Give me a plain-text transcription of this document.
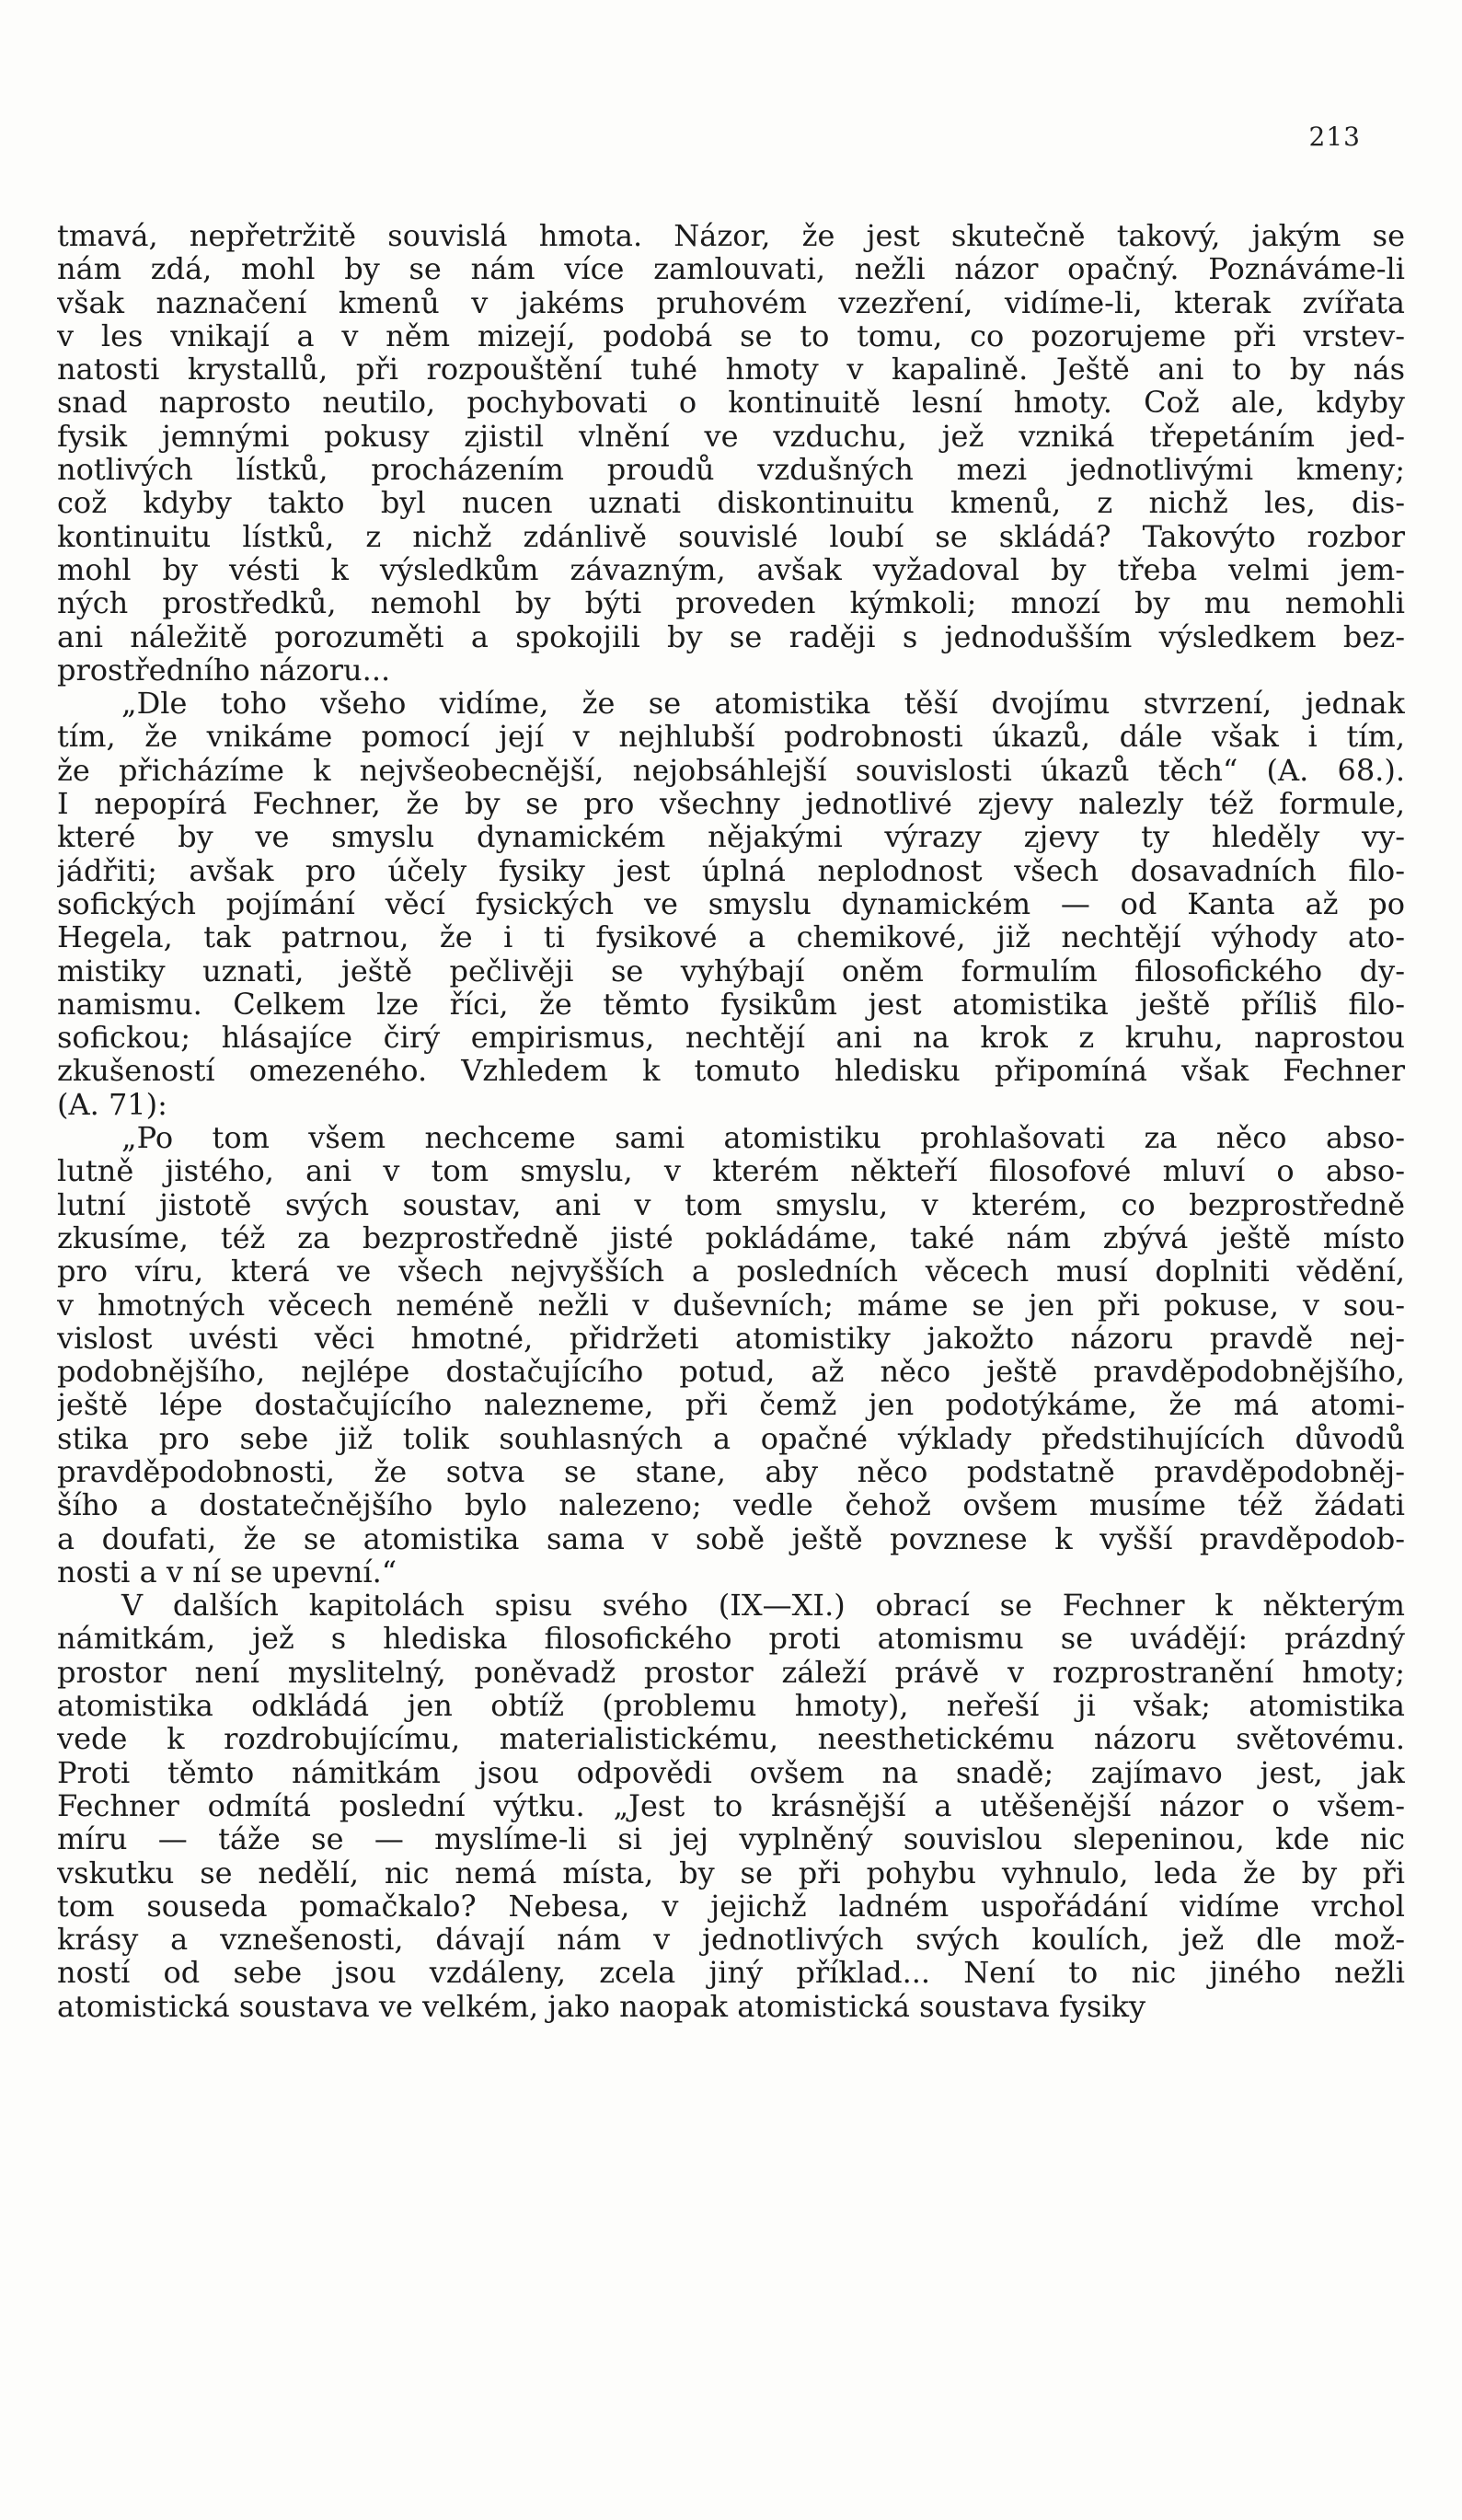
213
tmavá, nepřetržitě souvislá hmota. Názor, že jest skutečně takový, jakým se
nám zdá, mohl by se nám více zamlouvati, nežli názor opačný. Poznáváme-li
však naznačení kmenů v jakéms pruhovém vzezření, vidíme-li, kterak zvířata
v les vnikají a v něm mizejí, podobá se to tomu, co pozorujeme při vrstev-
natosti krystallů, při rozpouštění tuhé hmoty v kapalině. Ještě ani to by nás
snad naprosto neutilo, pochybovati o kontinuitě lesní hmoty. Což ale, kdyby
fysik jemnými pokusy zjistil vlnění ve vzduchu, jež vzniká třepetáním jed-
notlivých lístků, procházením proudů vzdušných mezi jednotlivými kmeny;
což kdyby takto byl nucen uznati diskontinuitu kmenů, z nichž les, dis-
kontinuitu lístků, z nichž zdánlivě souvislé loubí se skládá? Takovýto rozbor
mohl by vésti k výsledkům závazným, avšak vyžadoval by třeba velmi jem-
ných prostředků, nemohl by býti proveden kýmkoli; mnozí by mu nemohli
ani náležitě porozuměti a spokojili by se raději s jednodušším výsledkem bez-
prostředního názoru...
„Dle toho všeho vidíme, že se atomistika těší dvojímu stvrzení, jednak
tím, že vnikáme pomocí její v nejhlubší podrobnosti úkazů, dále však i tím,
že přicházíme k nejvšeobecnější, nejobsáhlejší souvislosti úkazů těch“ (A. 68.).
I nepopírá Fechner, že by se pro všechny jednotlivé zjevy nalezly též formule,
které by ve smyslu dynamickém nějakými výrazy zjevy ty hleděly vy-
jádřiti; avšak pro účely fysiky jest úplná neplodnost všech dosavadních filo-
sofických pojímání věcí fysických ve smyslu dynamickém — od Kanta až po
Hegela, tak patrnou, že i ti fysikové a chemikové, již nechtějí výhody ato-
mistiky uznati, ještě pečlivěji se vyhýbají oněm formulím filosofického dy-
namismu. Celkem lze říci, že těmto fysikům jest atomistika ještě příliš filo-
sofickou; hlásajíce čirý empirismus, nechtějí ani na krok z kruhu, naprostou
zkušeností omezeného. Vzhledem k tomuto hledisku připomíná však Fechner
(A. 71):
„Po tom všem nechceme sami atomistiku prohlašovati za něco abso-
lutně jistého, ani v tom smyslu, v kterém někteří filosofové mluví o abso-
lutní jistotě svých soustav, ani v tom smyslu, v kterém, co bezprostředně
zkusíme, též za bezprostředně jisté pokládáme, také nám zbývá ještě místo
pro víru, která ve všech nejvyšších a posledních věcech musí doplniti vědění,
v hmotných věcech neméně nežli v duševních; máme se jen při pokuse, v sou-
vislost uvésti věci hmotné, přidržeti atomistiky jakožto názoru pravdě nej-
podobnějšího, nejlépe dostačujícího potud, až něco ještě pravděpodobnějšího,
ještě lépe dostačujícího nalezneme, při čemž jen podotýkáme, že má atomi-
stika pro sebe již tolik souhlasných a opačné výklady předstihujících důvodů
pravděpodobnosti, že sotva se stane, aby něco podstatně pravděpodobněj-
šího a dostatečnějšího bylo nalezeno; vedle čehož ovšem musíme též žádati
a doufati, že se atomistika sama v sobě ještě povznese k vyšší pravděpodob-
nosti a v ní se upevní.“
V dalších kapitolách spisu svého (IX—XI.) obrací se Fechner k některým
námitkám, jež s hlediska filosofického proti atomismu se uvádějí: prázdný
prostor není myslitelný, poněvadž prostor záleží právě v rozprostranění hmoty;
atomistika odkládá jen obtíž (problemu hmoty), neřeší ji však; atomistika
vede k rozdrobujícímu, materialistickému, neesthetickému názoru světovému.
Proti těmto námitkám jsou odpovědi ovšem na snadě; zajímavo jest, jak
Fechner odmítá poslední výtku. „Jest to krásnější a utěšenější názor o všem-
míru — táže se — myslíme-li si jej vyplněný souvislou slepeninou, kde nic
vskutku se nedělí, nic nemá místa, by se při pohybu vyhnulo, leda že by při
tom souseda pomačkalo? Nebesa, v jejichž ladném uspořádání vidíme vrchol
krásy a vznešenosti, dávají nám v jednotlivých svých koulích, jež dle mož-
ností od sebe jsou vzdáleny, zcela jiný příklad... Není to nic jiného nežli
atomistická soustava ve velkém, jako naopak atomistická soustava fysiky
